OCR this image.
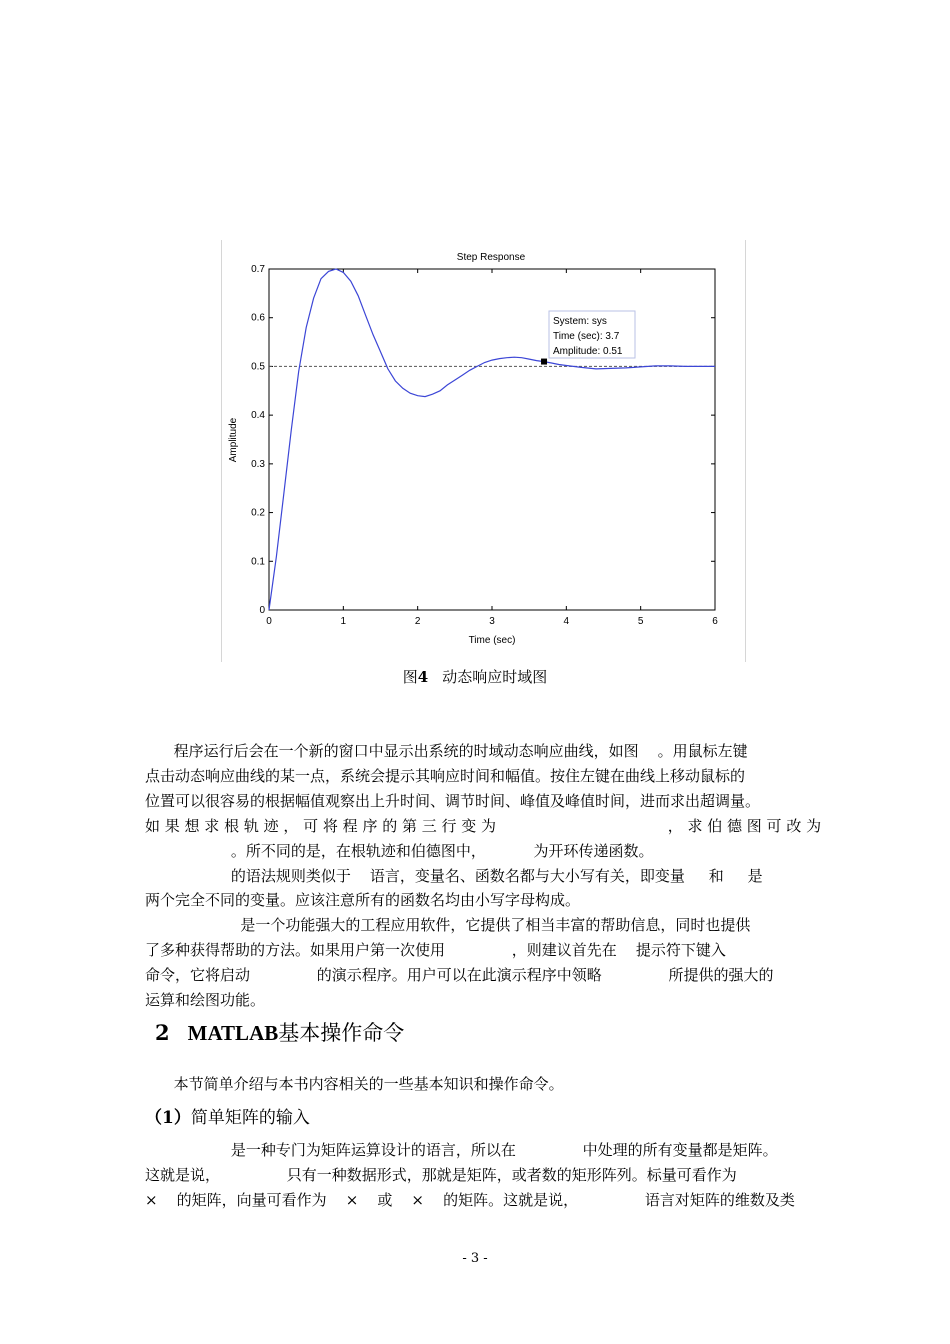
Step Response
0	1	2	3	4	5	6
0
0.1
0.2
0.3
0.4
0.5
0.6
0.7
Time (sec)
Amplitude
System: sys
Time (sec): 3.7
Amplitude: 0.51
图4 动态响应时域图
程序运行后会在一个新的窗口中显示出系统的时域动态响应曲线，如图    。用鼠标左键
点击动态响应曲线的某一点，系统会提示其响应时间和幅值。按住左键在曲线上移动鼠标的
位置可以很容易的根据幅值观察出上升时间、调节时间、峰值及峰值时间，进而求出超调量。
如 果 想 求 根 轨 迹 ， 可 将 程 序 的 第 三 行 变 为                                    ， 求 伯 德 图 可 改 为
。所不同的是，在根轨迹和伯德图中，          为开环传递函数。
的语法规则类似于    语言，变量名、函数名都与大小写有关，即变量     和     是
两个完全不同的变量。应该注意所有的函数名均由小写字母构成。
是一个功能强大的工程应用软件，它提供了相当丰富的帮助信息，同时也提供
了多种获得帮助的方法。如果用户第一次使用              ，则建议首先在    提示符下键入
命令，它将启动              的演示程序。用户可以在此演示程序中领略              所提供的强大的
运算和绘图功能。
2 MATLAB基本操作命令
本节简单介绍与本书内容相关的一些基本知识和操作命令。
（1）简单矩阵的输入
是一种专门为矩阵运算设计的语言，所以在              中处理的所有变量都是矩阵。
这就是说，              只有一种数据形式，那就是矩阵，或者数的矩形阵列。标量可看作为
×    的矩阵，向量可看作为    ×    或    ×    的矩阵。这就是说，              语言对矩阵的维数及类
- 3 -
